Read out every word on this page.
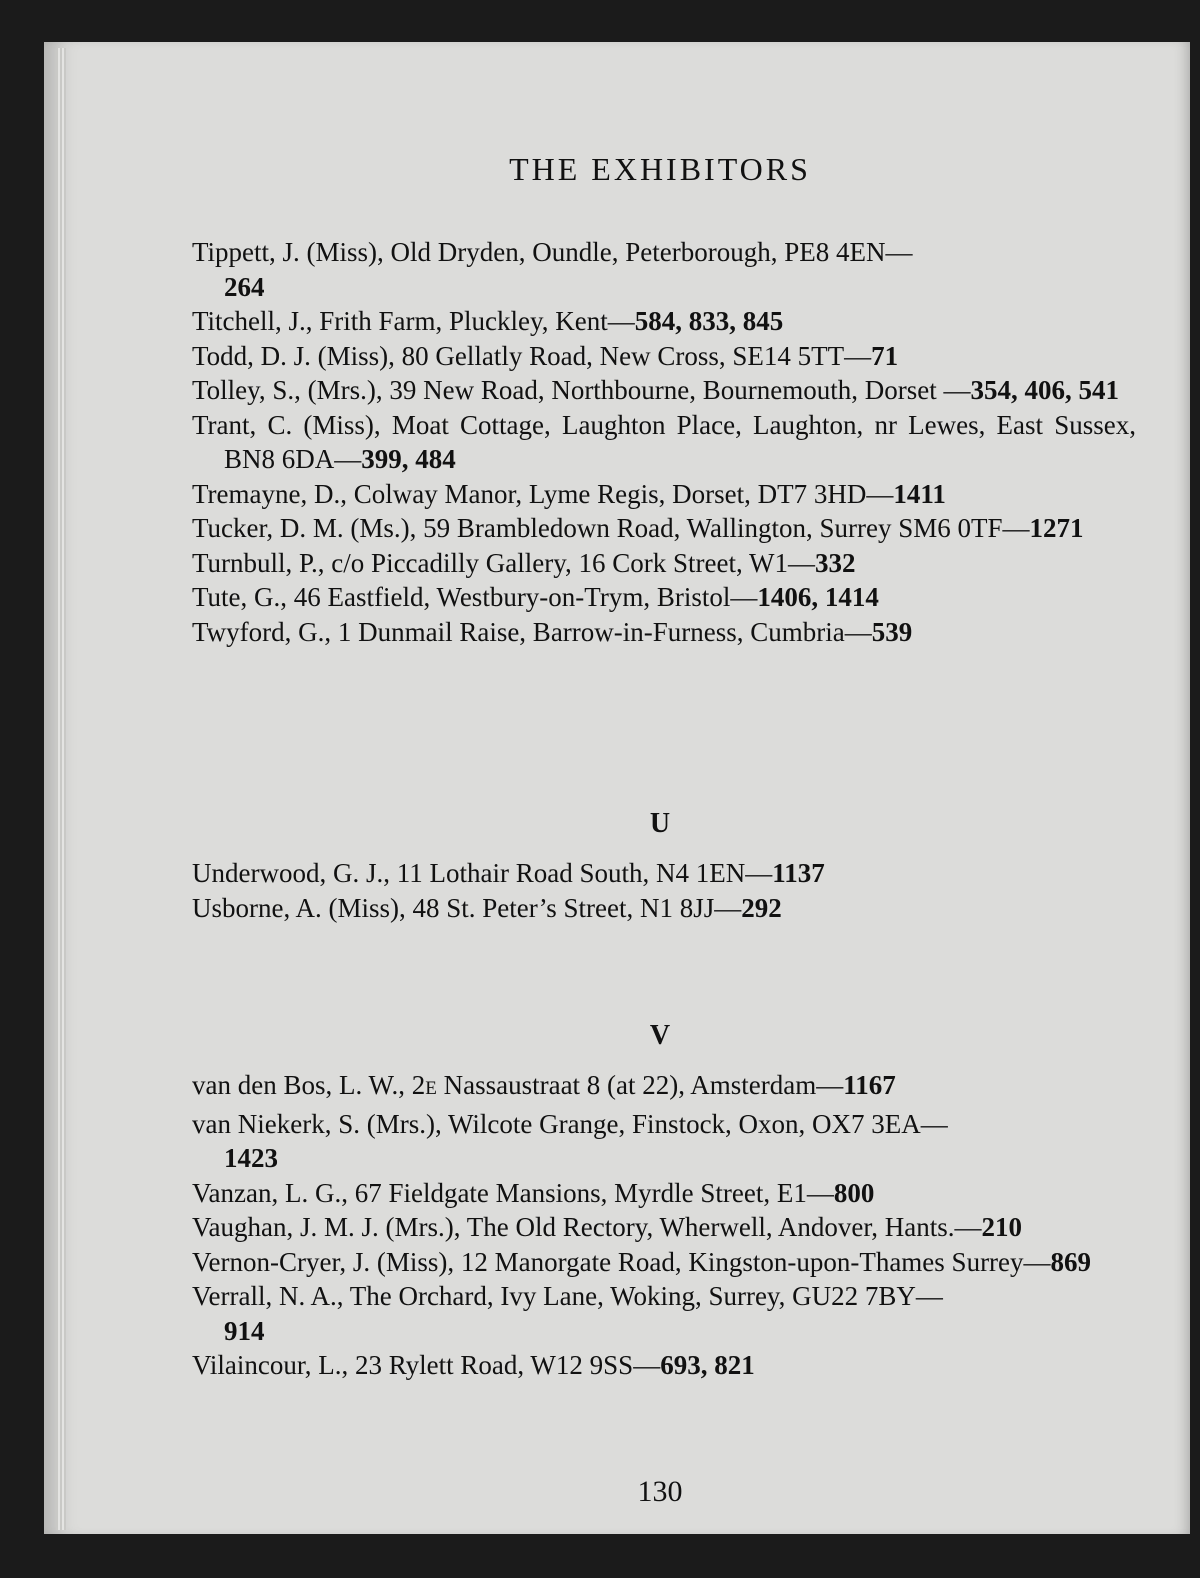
THE EXHIBITORS

Tippett, J. (Miss), Old Dryden, Oundle, Peterborough, PE8 4EN—
264

Titchell, J., Frith Farm, Pluckley, Kent—584, 833, 845

Todd, D. J. (Miss), 80 Gellatly Road, New Cross, SE14 5TT—71

Tolley, S., (Mrs.), 39 New Road, Northbourne, Bournemouth, Dorset —354, 406, 541

Trant, C. (Miss), Moat Cottage, Laughton Place, Laughton, nr Lewes, East Sussex, BN8 6DA—399, 484

Tremayne, D., Colway Manor, Lyme Regis, Dorset, DT7 3HD—1411

Tucker, D. M. (Ms.), 59 Brambledown Road, Wallington, Surrey SM6 0TF—1271

Turnbull, P., c/o Piccadilly Gallery, 16 Cork Street, W1—332

Tute, G., 46 Eastfield, Westbury-on-Trym, Bristol—1406, 1414

Twyford, G., 1 Dunmail Raise, Barrow-in-Furness, Cumbria—539

U

Underwood, G. J., 11 Lothair Road South, N4 1EN—1137

Usborne, A. (Miss), 48 St. Peter’s Street, N1 8JJ—292

V

van den Bos, L. W., 2E Nassaustraat 8 (at 22), Amsterdam—1167

van Niekerk, S. (Mrs.), Wilcote Grange, Finstock, Oxon, OX7 3EA—
1423

Vanzan, L. G., 67 Fieldgate Mansions, Myrdle Street, E1—800

Vaughan, J. M. J. (Mrs.), The Old Rectory, Wherwell, Andover, Hants.—210

Vernon-Cryer, J. (Miss), 12 Manorgate Road, Kingston-upon-Thames Surrey—869

Verrall, N. A., The Orchard, Ivy Lane, Woking, Surrey, GU22 7BY—
914

Vilaincour, L., 23 Rylett Road, W12 9SS—693, 821

130
